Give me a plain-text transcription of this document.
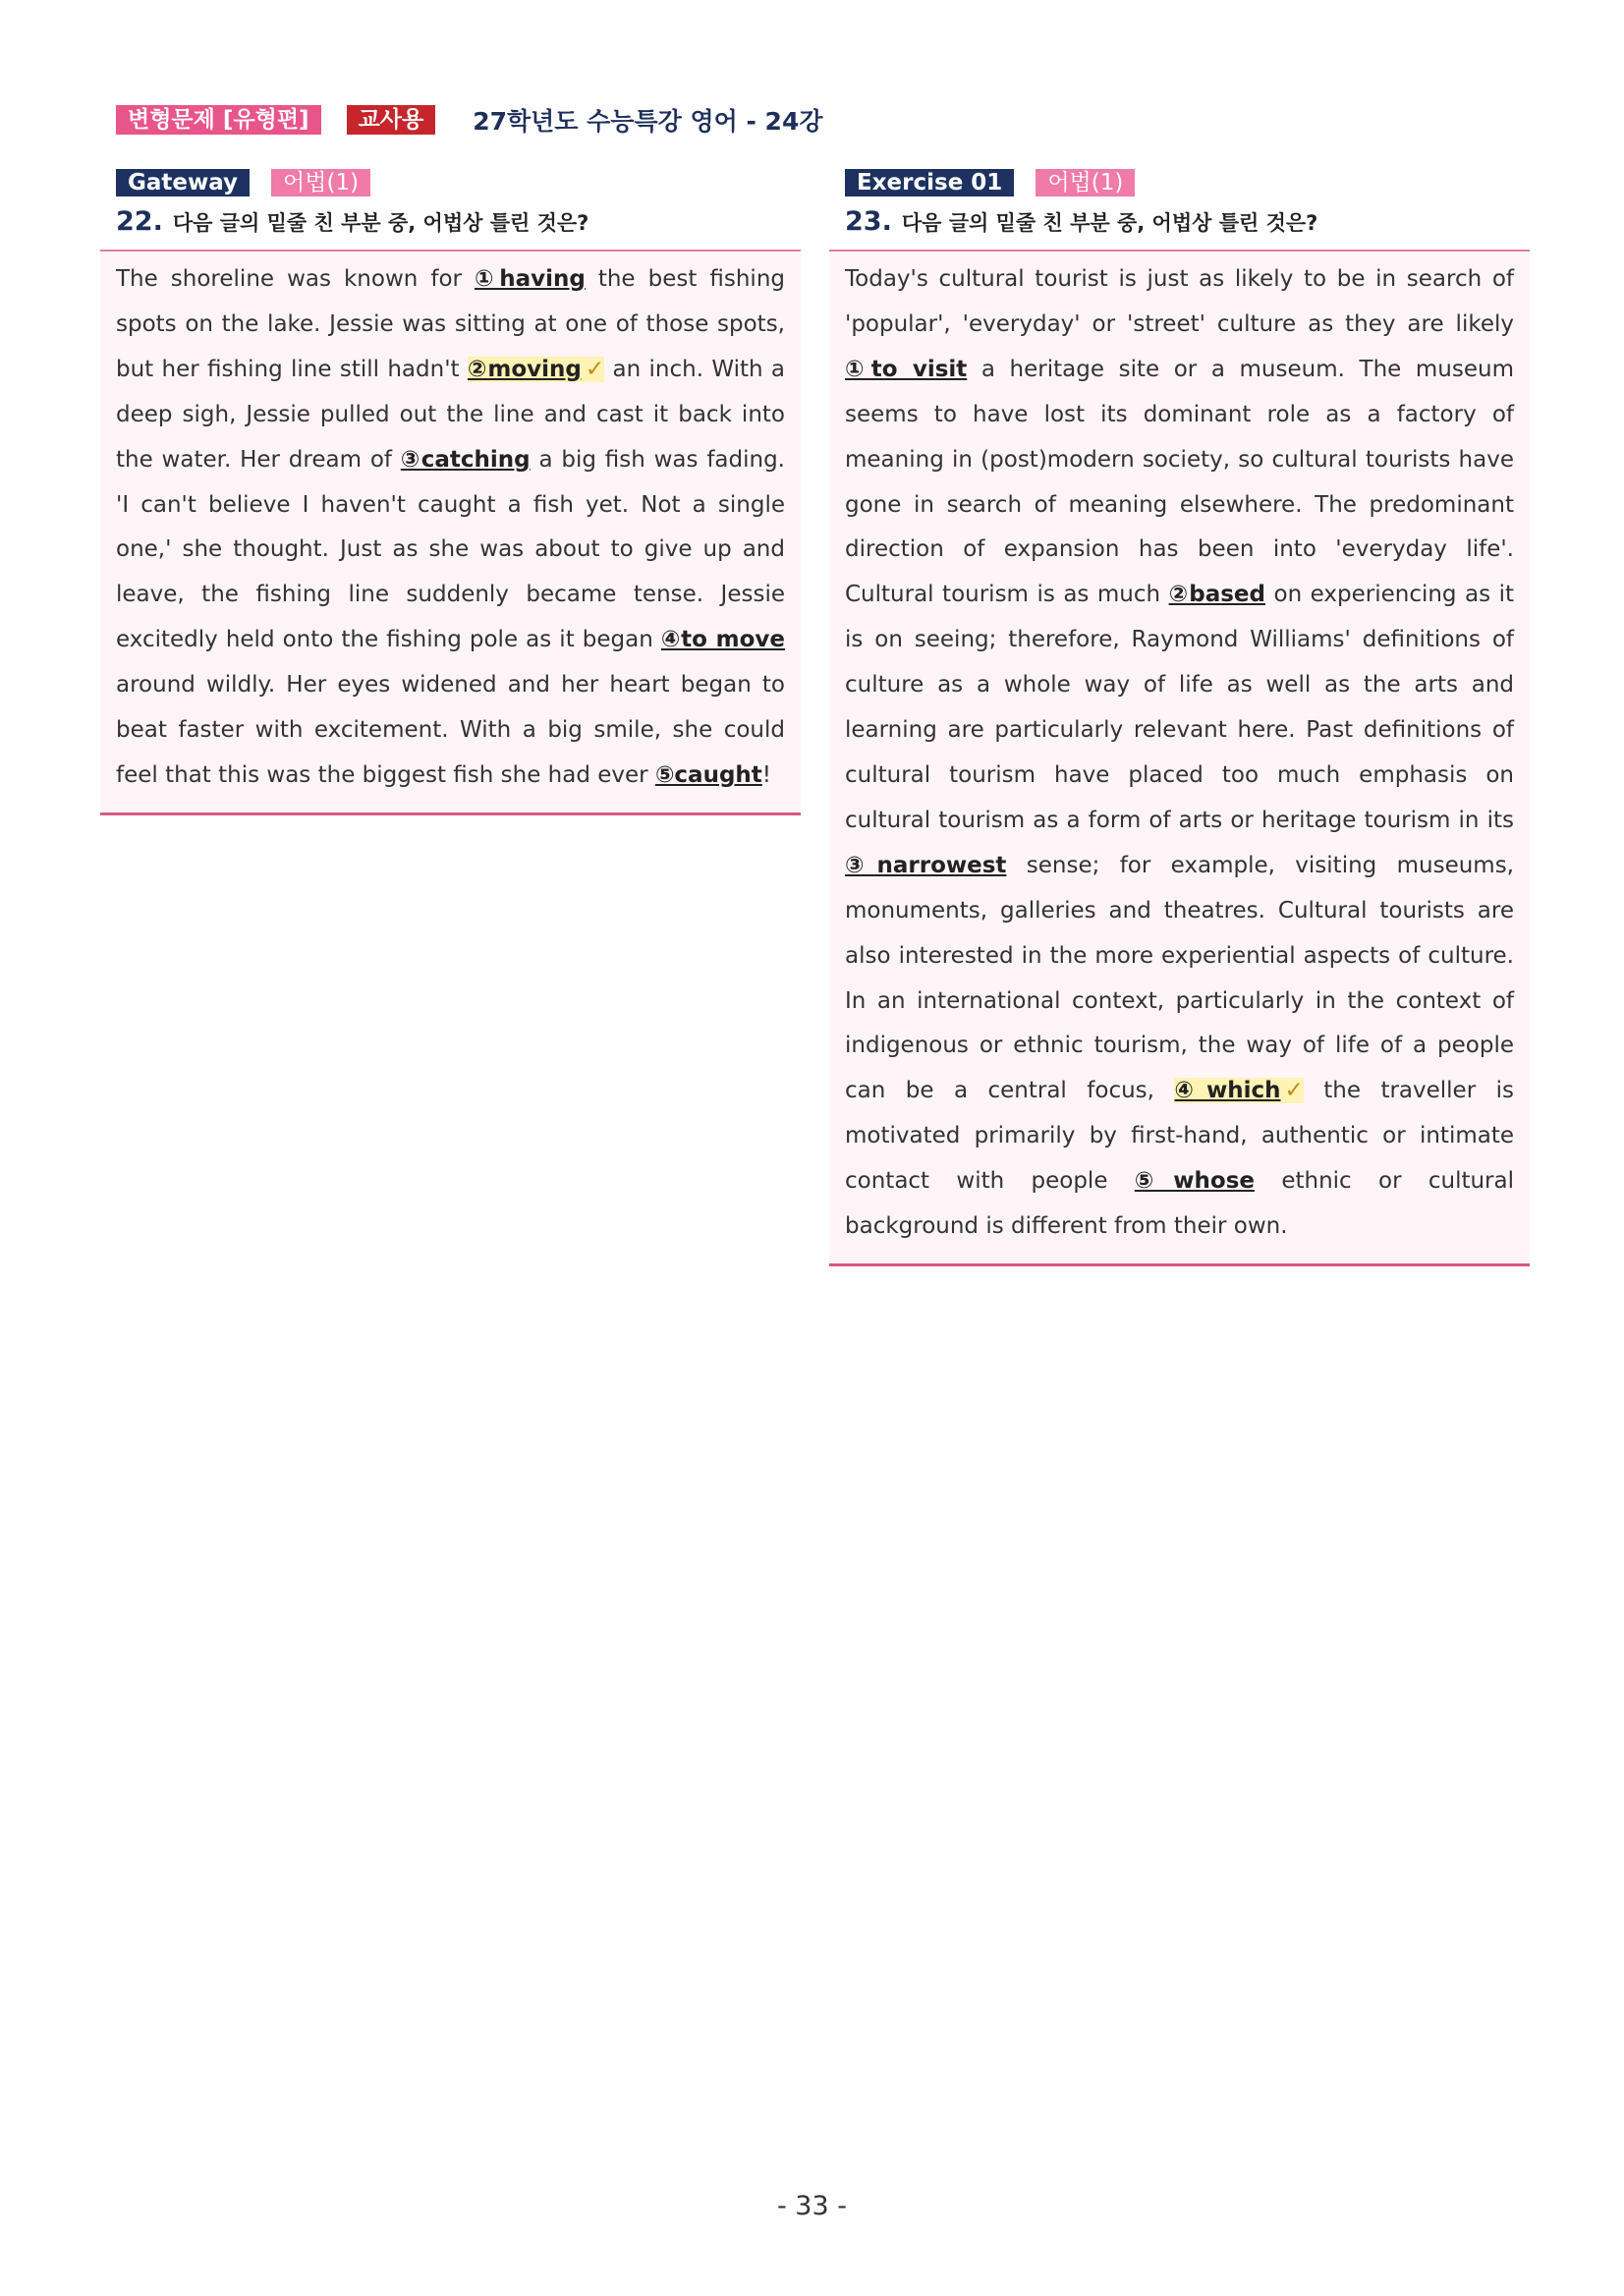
변형문제 [유형편]	교사용	27학년도 수능특강 영어 - 24강
Gateway	어법(1)
22. 다음 글의 밑줄 친 부분 중, 어법상 틀린 것은?

The shoreline was known for ①having the best fishing spots on the lake. Jessie was sitting at one of those spots, but her fishing line still hadn't ②moving ✓ an inch. With a deep sigh, Jessie pulled out the line and cast it back into the water. Her dream of ③catching a big fish was fading. 'I can't believe I haven't caught a fish yet. Not a single one,' she thought. Just as she was about to give up and leave, the fishing line suddenly became tense. Jessie excitedly held onto the fishing pole as it began ④to move around wildly. Her eyes widened and her heart began to beat faster with excitement. With a big smile, she could feel that this was the biggest fish she had ever ⑤caught!

Exercise 01	어법(1)
23. 다음 글의 밑줄 친 부분 중, 어법상 틀린 것은?

Today's cultural tourist is just as likely to be in search of 'popular', 'everyday' or 'street' culture as they are likely ①to visit a heritage site or a museum. The museum seems to have lost its dominant role as a factory of meaning in (post)modern society, so cultural tourists have gone in search of meaning elsewhere. The predominant direction of expansion has been into 'everyday life'. Cultural tourism is as much ②based on experiencing as it is on seeing; therefore, Raymond Williams' definitions of culture as a whole way of life as well as the arts and learning are particularly relevant here. Past definitions of cultural tourism have placed too much emphasis on cultural tourism as a form of arts or heritage tourism in its ③narrowest sense; for example, visiting museums, monuments, galleries and theatres. Cultural tourists are also interested in the more experiential aspects of culture. In an international context, particularly in the context of indigenous or ethnic tourism, the way of life of a people can be a central focus, ④which ✓ the traveller is motivated primarily by first-hand, authentic or intimate contact with people ⑤whose ethnic or cultural background is different from their own.

- 33 -
